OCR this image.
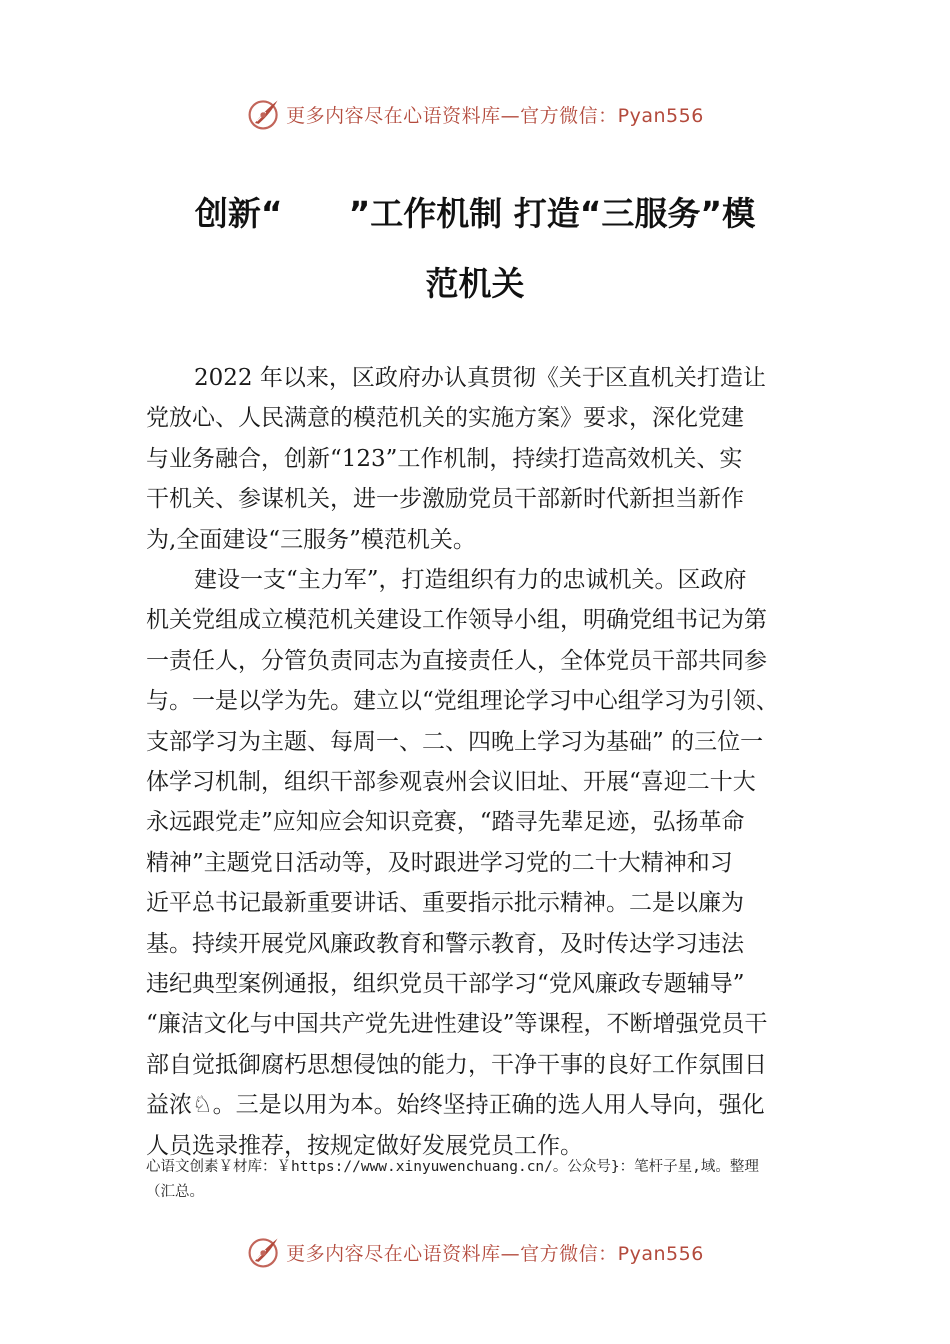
更多内容尽在心语资料库—官方微信：Pyan556
创新“　　”工作机制 打造“三服务”模
范机关
2022 年以来，区政府办认真贯彻《关于区直机关打造让
党放心、人民满意的模范机关的实施方案》要求，深化党建
与业务融合，创新“123”工作机制，持续打造高效机关、实
干机关、参谋机关，进一步激励党员干部新时代新担当新作
为,全面建设“三服务”模范机关。
建设一支“主力军”，打造组织有力的忠诚机关。区政府
机关党组成立模范机关建设工作领导小组，明确党组书记为第
一责任人，分管负责同志为直接责任人，全体党员干部共同参
与。一是以学为先。建立以“党组理论学习中心组学习为引领、
支部学习为主题、每周一、二、四晚上学习为基础” 的三位一
体学习机制，组织干部参观袁州会议旧址、开展“喜迎二十大
永远跟党走”应知应会知识竞赛，“踏寻先辈足迹，弘扬革命
精神”主题党日活动等，及时跟进学习党的二十大精神和习
近平总书记最新重要讲话、重要指示批示精神。二是以廉为
基。持续开展党风廉政教育和警示教育，及时传达学习违法
违纪典型案例通报，组织党员干部学习“党风廉政专题辅导”
“廉洁文化与中国共产党先进性建设”等课程，不断增强党员干
部自觉抵御腐朽思想侵蚀的能力，干净干事的良好工作氛围日
益浓♘。三是以用为本。始终坚持正确的选人用人导向，强化
人员选录推荐，按规定做好发展党员工作。
心语文创素￥材库：￥https://www.xinyuwenchuang.cn/。公众号}：笔杆子星,域。整理
（汇总。
更多内容尽在心语资料库—官方微信：Pyan556
